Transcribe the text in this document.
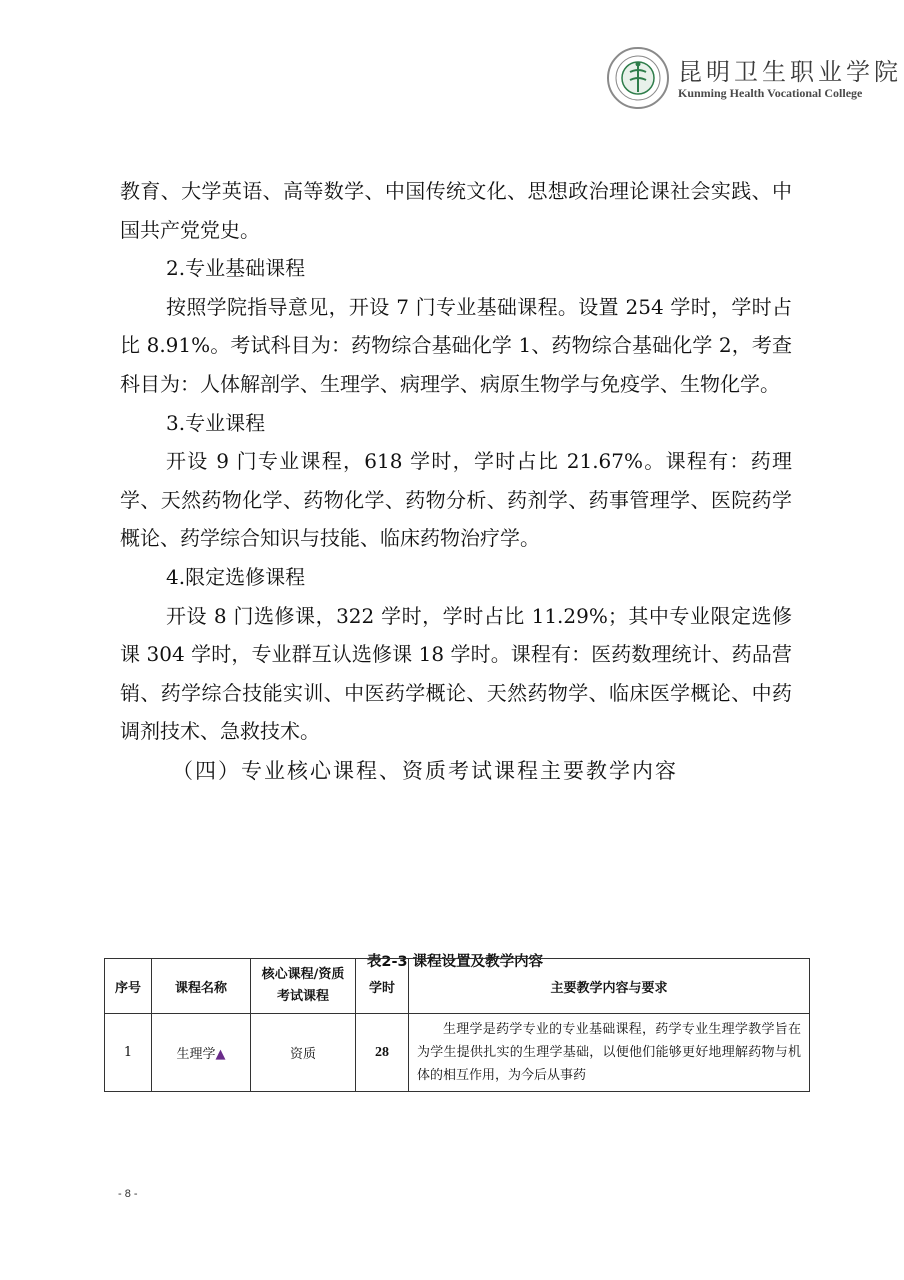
昆明卫生职业学院
Kunming Health Vocational College

教育、大学英语、高等数学、中国传统文化、思想政治理论课社会实践、中国共产党党史。

2.专业基础课程

按照学院指导意见，开设 7 门专业基础课程。设置 254 学时，学时占比 8.91%。考试科目为：药物综合基础化学 1、药物综合基础化学 2，考查科目为：人体解剖学、生理学、病理学、病原生物学与免疫学、生物化学。

3.专业课程

开设 9 门专业课程，618 学时，学时占比 21.67%。课程有：药理学、天然药物化学、药物化学、药物分析、药剂学、药事管理学、医院药学概论、药学综合知识与技能、临床药物治疗学。

4.限定选修课程

开设 8 门选修课，322 学时，学时占比 11.29%；其中专业限定选修课 304 学时，专业群互认选修课 18 学时。课程有：医药数理统计、药品营销、药学综合技能实训、中医药学概论、天然药物学、临床医学概论、中药调剂技术、急救技术。

（四）专业核心课程、资质考试课程主要教学内容

表2-3 课程设置及教学内容
序号	课程名称	核心课程/资质考试课程	学时	主要教学内容与要求
1	生理学▲	资质	28	生理学是药学专业的专业基础课程，药学专业生理学教学旨在为学生提供扎实的生理学基础，以便他们能够更好地理解药物与机体的相互作用，为今后从事药
- 8 -
